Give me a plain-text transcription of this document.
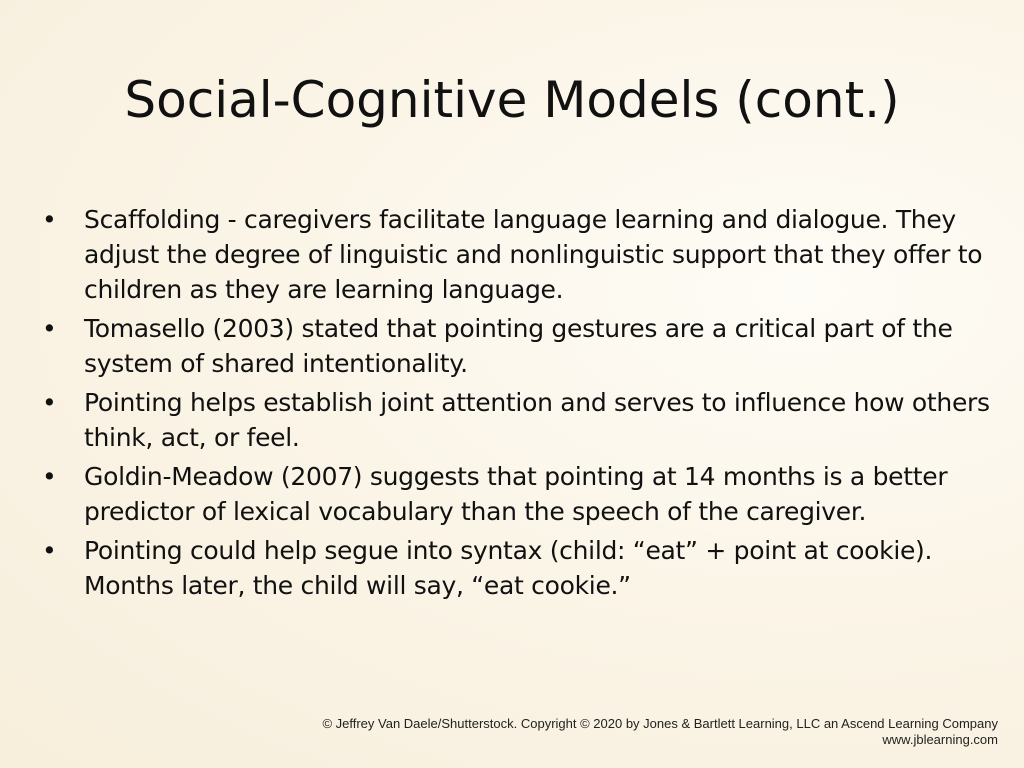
Social-Cognitive Models (cont.)
• Scaffolding - caregivers facilitate language learning and dialogue. They adjust the degree of linguistic and nonlinguistic support that they offer to children as they are learning language.
• Tomasello (2003) stated that pointing gestures are a critical part of the system of shared intentionality.
• Pointing helps establish joint attention and serves to influence how others think, act, or feel.
• Goldin-Meadow (2007) suggests that pointing at 14 months is a better predictor of lexical vocabulary than the speech of the caregiver.
• Pointing could help segue into syntax (child: “eat” + point at cookie). Months later, the child will say, “eat cookie.”
© Jeffrey Van Daele/Shutterstock. Copyright © 2020 by Jones & Bartlett Learning, LLC an Ascend Learning Company
www.jblearning.com
